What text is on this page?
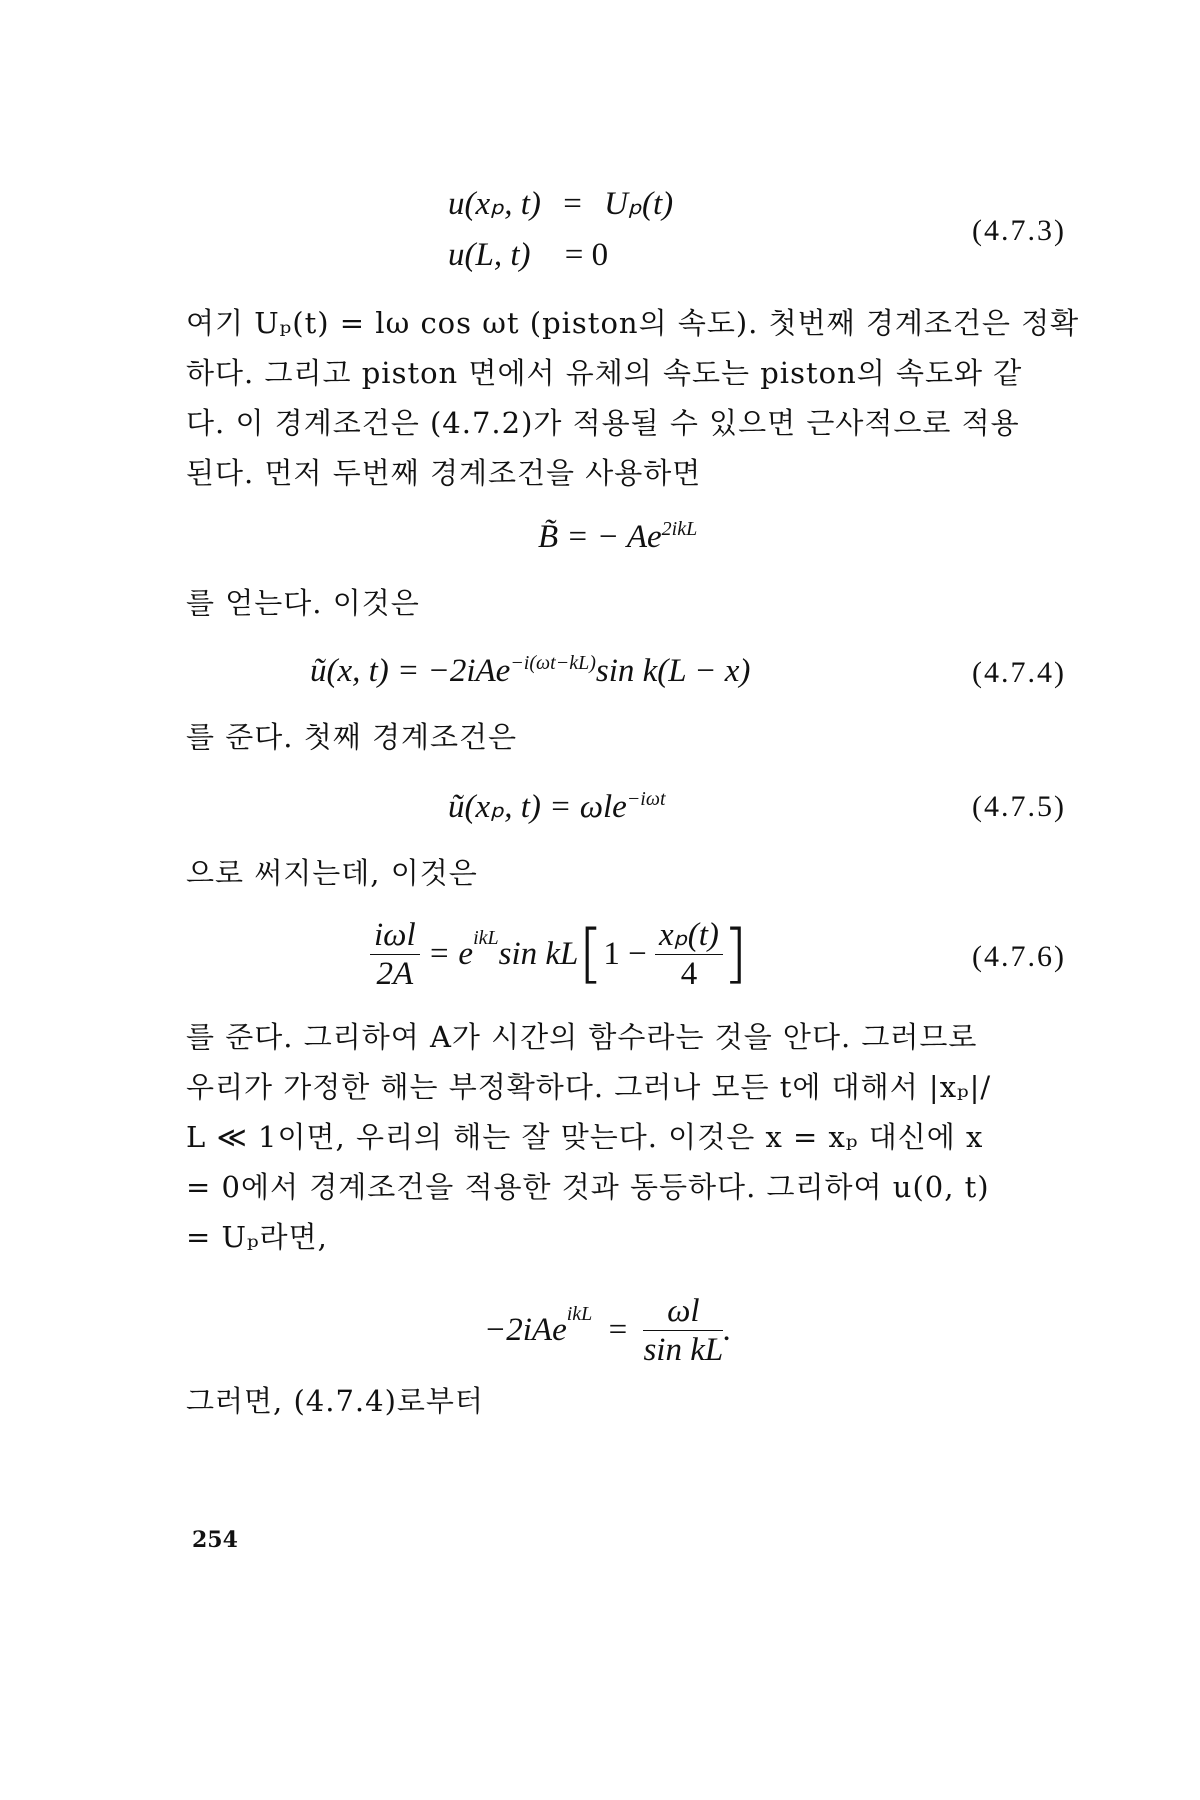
u(xₚ, t) = Uₚ(t)
u(L, t) = 0
(4.7.3)
여기 Uₚ(t) = lω cos ωt (piston의 속도). 첫번째 경계조건은 정확
하다. 그리고 piston 면에서 유체의 속도는 piston의 속도와 같
다. 이 경계조건은 (4.7.2)가 적용될 수 있으면 근사적으로 적용
된다. 먼저 두번째 경계조건을 사용하면
B̃ = − $Ae^{2ikL}$
를 얻는다. 이것은
ũ(x, t) = −2iAe$^{-i(\omega t-kL)}$sin k(L − x)	(4.7.4)
를 준다. 첫째 경계조건은
ũ(xₚ, t) = ωle$^{-i\omega t}$	(4.7.5)
으로 써지는데, 이것은
$\frac{\text{iωl}}{2A} = e^{ikL}\sin$ $kL[1 - \frac{\text{xₚ(t)}}{4}$ ]	(4.7.6)
를 준다. 그리하여 A가 시간의 함수라는 것을 안다. 그러므로
우리가 가정한 해는 부정확하다. 그러나 모든 t에 대해서 |xₚ|/
L ≪ 1이면, 우리의 해는 잘 맞는다. 이것은 x = xₚ 대신에 x
= 0에서 경계조건을 적용한 것과 동등하다. 그리하여 u(0, t)
= Uₚ라면,
$-2iAe^{ikL} = \frac{\omega l}{\text{sin kL}}$ .
그러면, (4.7.4)로부터
254
